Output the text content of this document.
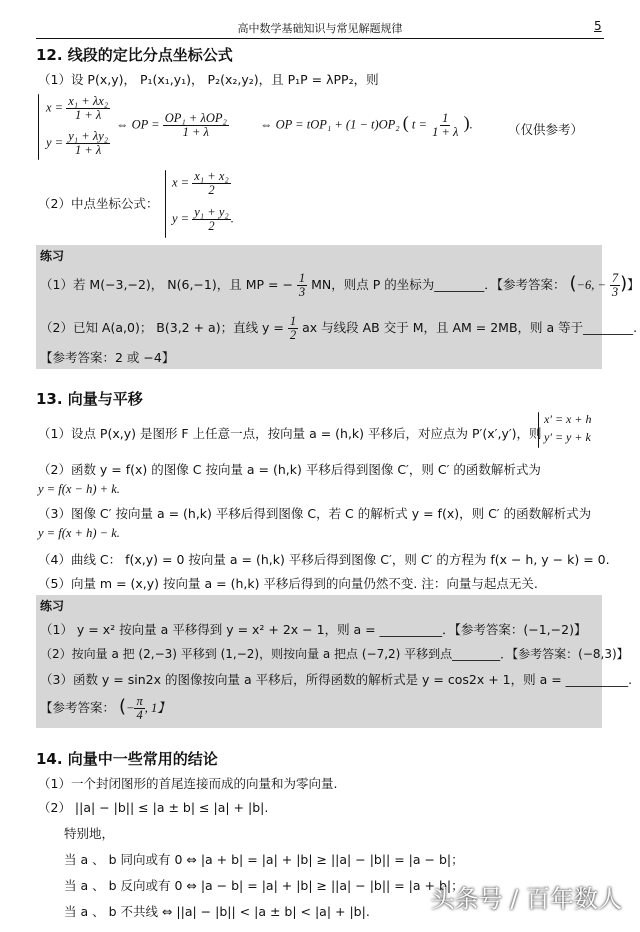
高中数学基础知识与常见解题规律	5
12. 线段的定比分点坐标公式
（1）设 P(x,y)， P₁(x₁,y₁)， P₂(x₂,y₂)，且 P₁P = λPP₂，则
$x = \frac{\text{x₁ + λx₂}}{1 + \lambda}$
$y = \frac{\text{y₁ + λy₂}}{1 + \lambda}$
⇔ OP = $\frac{\text{OP₁ + λOP₂}}{1 + \lambda}$ ⇔ OP = tOP₁ + (1 − t)OP₂ ( $t = \frac{1}{1 + \lambda}$ ).	（仅供参考）
（2）中点坐标公式：
$x = \frac{\text{x₁ + x₂}}{2}$
$y = \frac{\text{y₁ + y₂}}{2}$ .
练习
（1）若 M(−3,−2)， N(6,−1)，且 MP = − $\frac{1}{3}$ MN，则点 P 的坐标为________．【参考答案： (−6, − $\frac{7}{3}$ )】
（2）已知 A(a,0)； B(3,2 + a)；直线 $y = \frac{1}{2}$ ax 与线段 AB 交于 M，且 AM = 2MB，则 a 等于________.
【参考答案：2 或 −4】
13. 向量与平移
（1）设点 P(x,y) 是图形 F 上任意一点，按向量 a = (h,k) 平移后，对应点为 P′(x′,y′)，则
x′ = x + h
y′ = y + k
（2）函数 y = f(x) 的图像 C 按向量 a = (h,k) 平移后得到图像 C′，则 C′ 的函数解析式为
y = f(x − h) + k.
（3）图像 C′ 按向量 a = (h,k) 平移后得到图像 C，若 C 的解析式 y = f(x)，则 C′ 的函数解析式为
y = f(x + h) − k.
（4）曲线 C： f(x,y) = 0 按向量 a = (h,k) 平移后得到图像 C′，则 C′ 的方程为 f(x − h, y − k) = 0.
（5）向量 m = (x,y) 按向量 a = (h,k) 平移后得到的向量仍然不变. 注：向量与起点无关.
练习
（1） y = x² 按向量 a 平移得到 y = x² + 2x − 1，则 a = __________．【参考答案：(−1,−2)】
（2）按向量 a 把 (2,−3) 平移到 (1,−2)，则按向量 a 把点 (−7,2) 平移到点________．【参考答案：(−8,3)】
（3）函数 y = sin2x 的图像按向量 a 平移后，所得函数的解析式是 y = cos2x + 1，则 a = __________.
【参考答案： (− $\frac{\pi}{4}$ , 1】
14. 向量中一些常用的结论
（1）一个封闭图形的首尾连接而成的向量和为零向量.
（2） ||a| − |b|| ≤ |a ± b| ≤ |a| + |b|.
特别地，
当 a 、 b 同向或有 0 ⇔ |a + b| = |a| + |b| ≥ ||a| − |b|| = |a − b|；
当 a 、 b 反向或有 0 ⇔ |a − b| = |a| + |b| ≥ ||a| − |b|| = |a + b|；
当 a 、 b 不共线 ⇔ ||a| − |b|| < |a ± b| < |a| + |b|.	头条号 / 百年数人
